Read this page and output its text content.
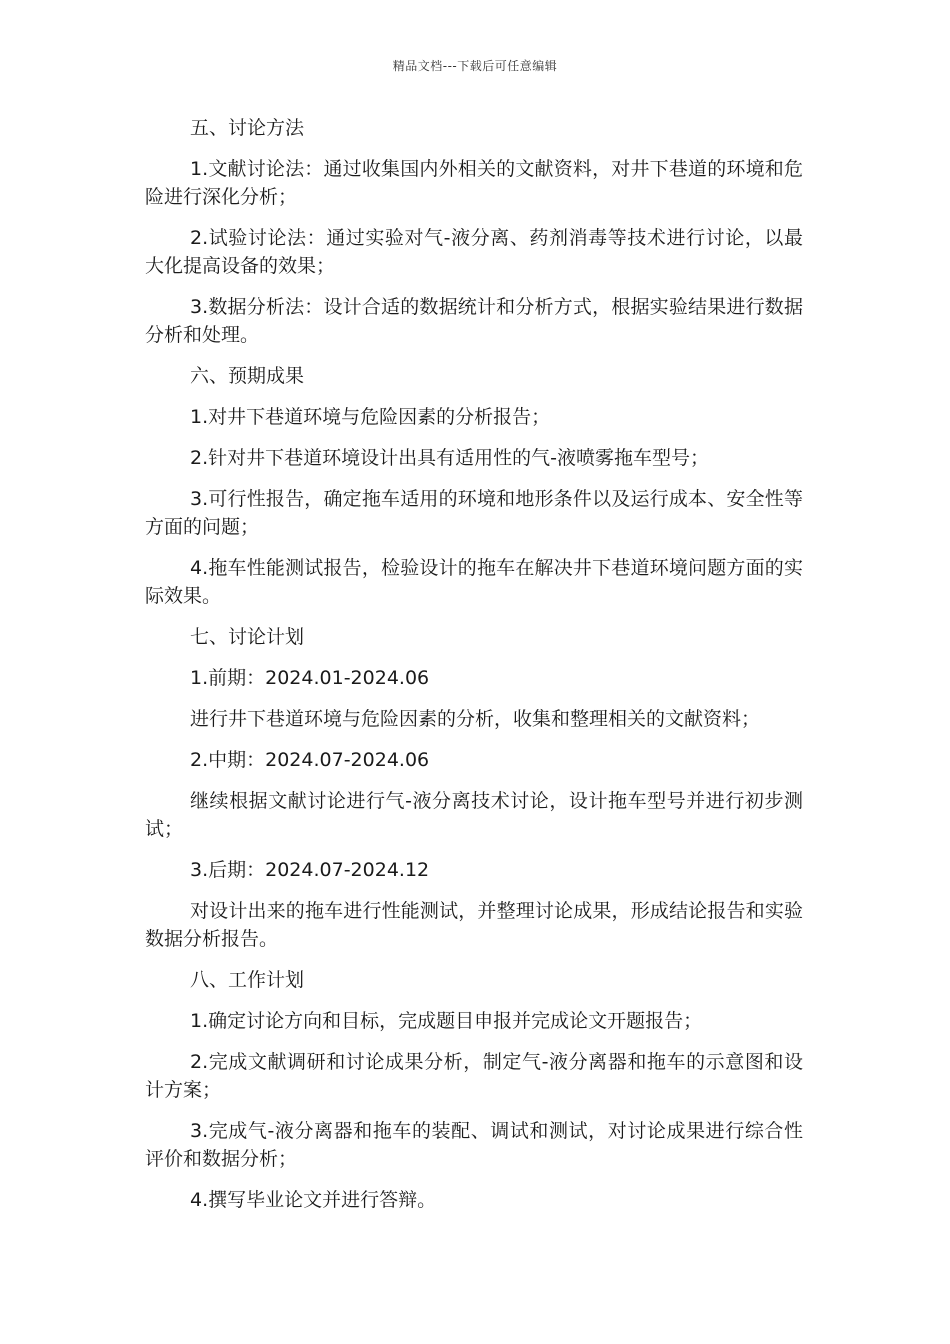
精品文档---下载后可任意编辑

五、讨论方法

1.文献讨论法：通过收集国内外相关的文献资料，对井下巷道的环境和危险进行深化分析；

2.试验讨论法：通过实验对气-液分离、药剂消毒等技术进行讨论，以最大化提高设备的效果；

3.数据分析法：设计合适的数据统计和分析方式，根据实验结果进行数据分析和处理。

六、预期成果

1.对井下巷道环境与危险因素的分析报告；

2.针对井下巷道环境设计出具有适用性的气-液喷雾拖车型号；

3.可行性报告，确定拖车适用的环境和地形条件以及运行成本、安全性等方面的问题；

4.拖车性能测试报告，检验设计的拖车在解决井下巷道环境问题方面的实际效果。

七、讨论计划

1.前期：2024.01-2024.06

进行井下巷道环境与危险因素的分析，收集和整理相关的文献资料；

2.中期：2024.07-2024.06

继续根据文献讨论进行气-液分离技术讨论，设计拖车型号并进行初步测试；

3.后期：2024.07-2024.12

对设计出来的拖车进行性能测试，并整理讨论成果，形成结论报告和实验数据分析报告。

八、工作计划

1.确定讨论方向和目标，完成题目申报并完成论文开题报告；

2.完成文献调研和讨论成果分析，制定气-液分离器和拖车的示意图和设计方案；

3.完成气-液分离器和拖车的装配、调试和测试，对讨论成果进行综合性评价和数据分析；

4.撰写毕业论文并进行答辩。
